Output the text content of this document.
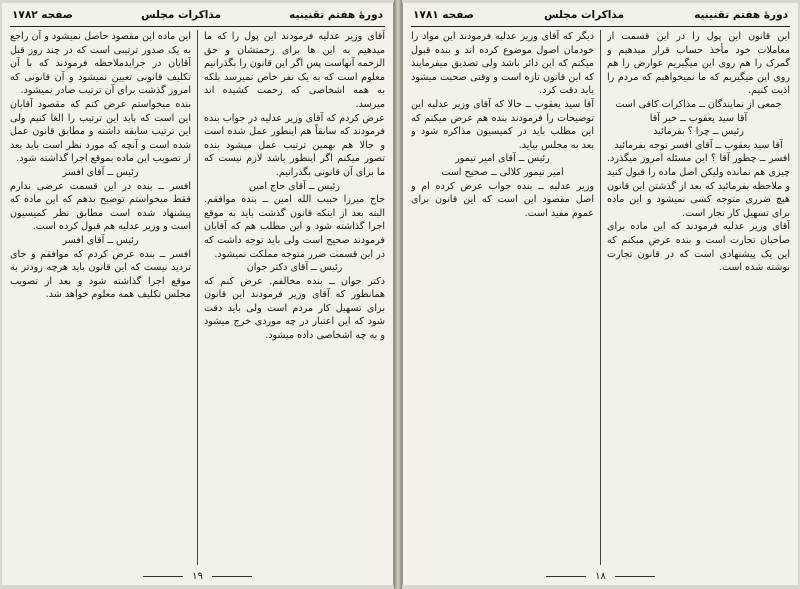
دورهٔ هفتم تقنینیه
مذاکرات مجلس
صفحه ۱۷۸۲

آقای وزیر عدلیه فرمودند این پول را که ما میدهیم به این ها برای زحمتشان و حق الزحمه آنهاست پس اگر این قانون را بگذرانیم معلوم است که به یک نفر خاص نمیرسد بلکه به همه اشخاصی که زحمت کشیده اند میرسد.

عرض کردم که آقای وزیر عدلیه در جواب بنده فرمودند که سابقاً هم اینطور عمل شده است و حالا هم بهمین ترتیب عمل میشود بنده تصور میکنم اگر اینطور باشد لازم نیست که ما برای آن قانونی بگذرانیم.

رئیس ــ آقای حاج امین

حاج میرزا حبیب الله امین ــ بنده موافقم. البته بعد از اینکه قانون گذشت باید به موقع اجرا گذاشته شود و این مطلب هم که آقایان فرمودند صحیح است ولی باید توجه داشت که در این قسمت ضرر متوجه مملکت نمیشود.

رئیس ــ آقای دکتر جوان

دکتر جوان ــ بنده مخالفم. عرض کنم که همانطور که آقای وزیر فرمودند این قانون برای تسهیل کار مردم است ولی باید دقت شود که این اعتبار در چه موردی خرج میشود و به چه اشخاصی داده میشود.

این ماده این مقصود حاصل نمیشود و آن راجع به یک صدور ترتیبی است که در چند روز قبل آقایان در جرایدملاحظه فرمودند که با آن تکلیف قانونی تعیین نمیشود و آن قانونی که امروز گذشت برای آن ترتیب صادر نمیشود.

بنده میخواستم عرض کنم که مقصود آقایان این است که باید این ترتیب را الغا کنیم ولی این ترتیب سابقه داشته و مطابق قانون عمل شده است و آنچه که مورد نظر است باید بعد از تصویب این ماده بموقع اجرا گذاشته شود.

رئیس ــ آقای افسر

افسر ــ بنده در این قسمت عرضی ندارم فقط میخواستم توضیح بدهم که این ماده که پیشنهاد شده است مطابق نظر کمیسیون است و وزیر عدلیه هم قبول کرده است.

رئیس ــ آقای افسر

افسر ــ بنده عرض کردم که موافقم و جای تردید نیست که این قانون باید هرچه زودتر به موقع اجرا گذاشته شود و بعد از تصویب مجلس تکلیف همه معلوم خواهد شد.

۱۹
دورهٔ هفتم تقنینیه
مذاکرات مجلس
صفحه ۱۷۸۱

این قانون این پول را در این قسمت از معاملات خود مأخذ حساب قرار میدهیم و گمرک را هم روی این میگیریم عوارض را هم روی این میگیریم که ما نمیخواهیم که مردم را اذیت کنیم.

جمعی از نمایندگان ــ مذاکرات کافی است

آقا سید یعقوب ــ خیر آقا

رئیس ــ چرا ؟ بفرمائید

آقا سید یعقوب ــ آقای افسر توجه بفرمائید

افسر ــ چطور آقا ؟ این مسئله امروز میگذرد. چیزی هم نمانده ولیکن اصل ماده را قبول کنید و ملاحظه بفرمائید که بعد از گذشتن این قانون هیچ ضرری متوجه کسی نمیشود و این ماده برای تسهیل کار تجار است.

آقای وزیر عدلیه فرمودند که این ماده برای صاحبان تجارت است و بنده عرض میکنم که این یک پیشنهادی است که در قانون تجارت نوشته شده است.

دیگر که آقای وزیر عدلیه فرمودند این مواد را خودمان اصول موضوع کرده اند و بنده قبول میکنم که این دائر باشد ولی تصدیق میفرمایند که این قانون تازه است و وقتی صحبت میشود باید دقت کرد.

آقا سید یعقوب ــ حالا که آقای وزیر عدلیه این توضیحات را فرمودند بنده هم عرض میکنم که این مطلب باید در کمیسیون مذاکره شود و بعد به مجلس بیاید.

رئیس ــ آقای امیر تیمور

امیر تیمور کلالی ــ صحیح است

وزیر عدلیه ــ بنده جواب عرض کرده ام و اصل مقصود این است که این قانون برای عموم مفید است.

۱۸
